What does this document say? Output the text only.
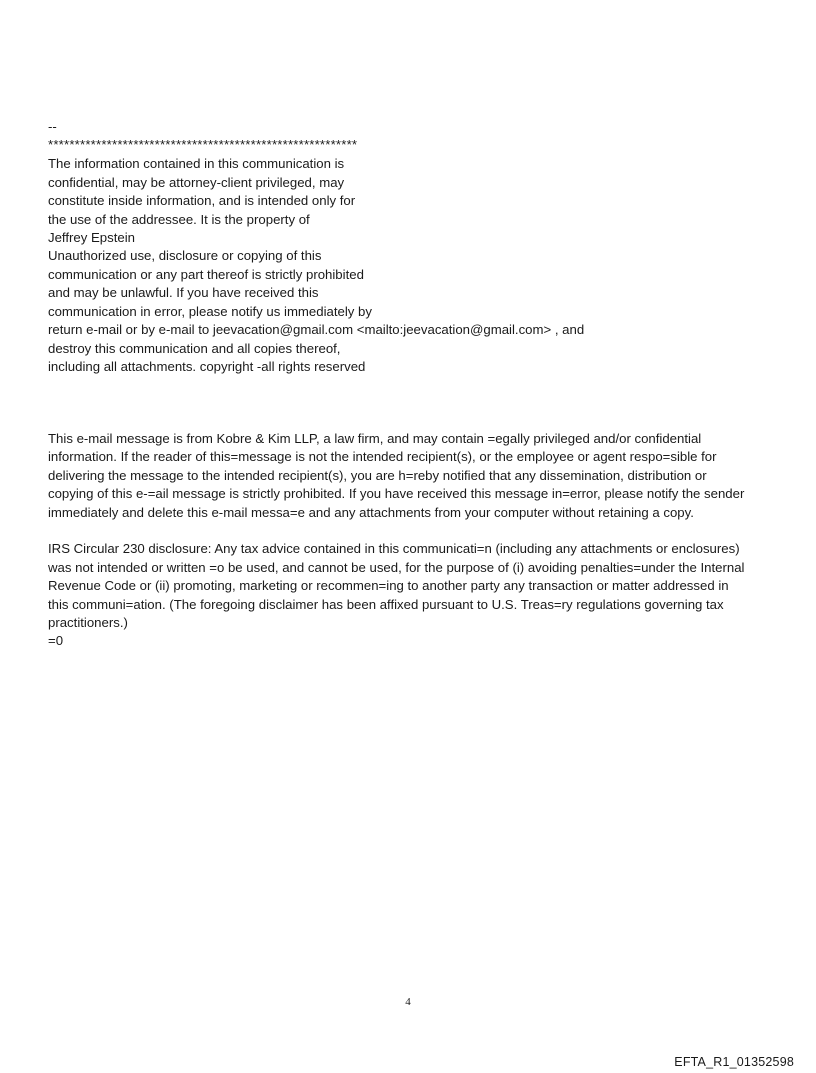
--

**********************************************************

The information contained in this communication is

confidential, may be attorney-client privileged, may

constitute inside information, and is intended only for

the use of the addressee. It is the property of

Jeffrey Epstein

Unauthorized use, disclosure or copying of this

communication or any part thereof is strictly prohibited

and may be unlawful. If you have received this

communication in error, please notify us immediately by

return e-mail or by e-mail to jeevacation@gmail.com <mailto:jeevacation@gmail.com> , and

destroy this communication and all copies thereof,

including all attachments. copyright -all rights reserved

This e-mail message is from Kobre & Kim LLP, a law firm, and may contain =egally privileged and/or confidential

information. If the reader of this=message is not the intended recipient(s), or the employee or agent respo=sible for

delivering the message to the intended recipient(s), you are h=reby notified that any dissemination, distribution or

copying of this e-=ail message is strictly prohibited. If you have received this message in=error, please notify the sender

immediately and delete this e-mail messa=e and any attachments from your computer without retaining a copy.

IRS Circular 230 disclosure: Any tax advice contained in this communicati=n (including any attachments or enclosures)

was not intended or written =o be used, and cannot be used, for the purpose of (i) avoiding penalties=under the Internal

Revenue Code or (ii) promoting, marketing or recommen=ing to another party any transaction or matter addressed in

this communi=ation. (The foregoing disclaimer has been affixed pursuant to U.S. Treas=ry regulations governing tax

practitioners.)

=0

4
EFTA_R1_01352598
